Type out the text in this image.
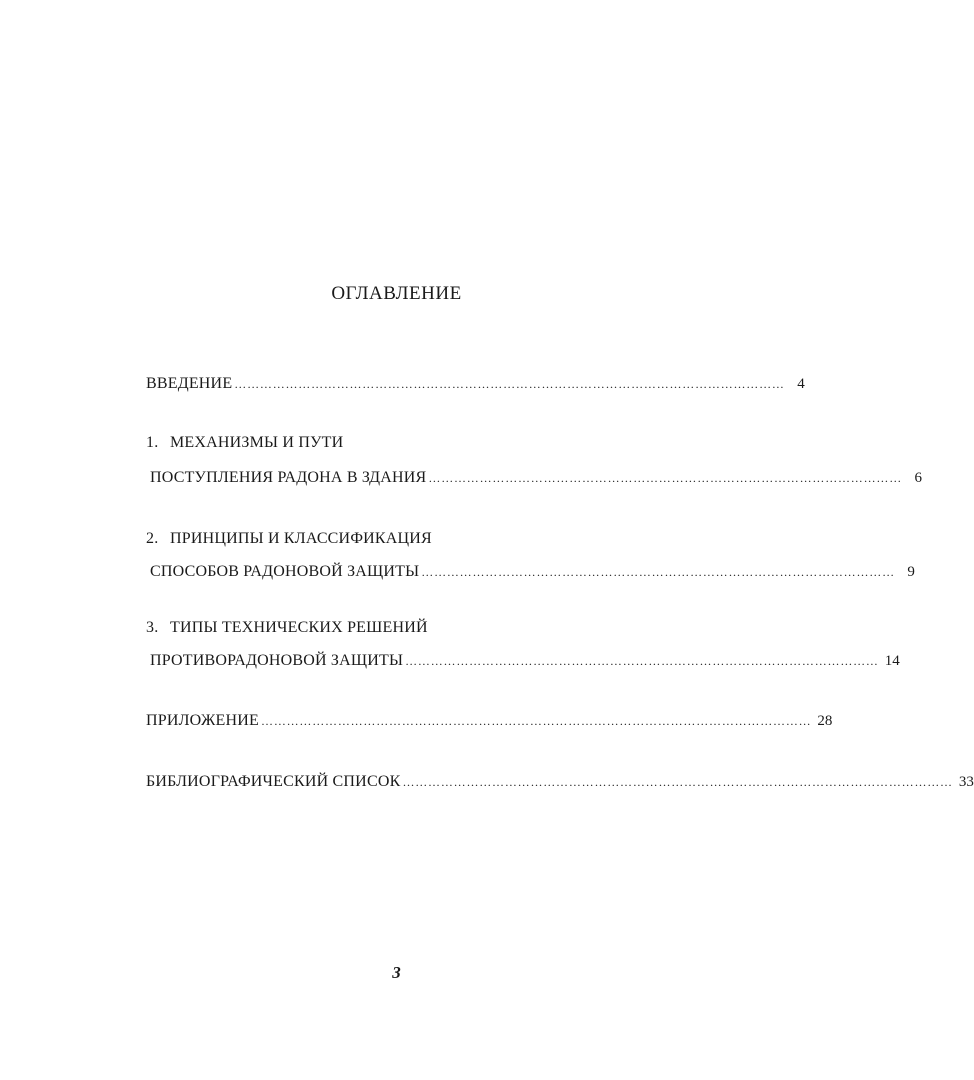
ОГЛАВЛЕНИЕ
ВВЕДЕНИЕ ………………………………………………………………………………………………………………… 4
1. МЕХАНИЗМЫ И ПУТИ
ПОСТУПЛЕНИЯ РАДОНА В ЗДАНИЯ ………………………………………………………………………………………………… 6
2. ПРИНЦИПЫ И КЛАССИФИКАЦИЯ
СПОСОБОВ РАДОНОВОЙ ЗАЩИТЫ ………………………………………………………………………………………………… 9
3. ТИПЫ ТЕХНИЧЕСКИХ РЕШЕНИЙ
ПРОТИВОРАДОНОВОЙ ЗАЩИТЫ ………………………………………………………………………………………………… 14
ПРИЛОЖЕНИЕ ………………………………………………………………………………………………………………… 28
БИБЛИОГРАФИЧЕСКИЙ СПИСОК ………………………………………………………………………………………………………………… 33
3
